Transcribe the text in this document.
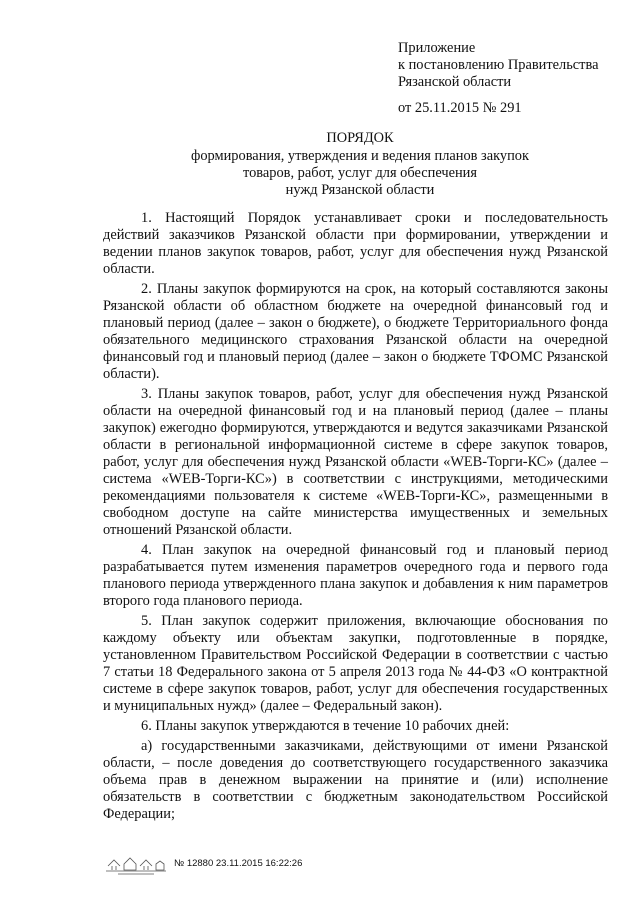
Приложение
к постановлению Правительства
Рязанской области
от 25.11.2015 № 291
ПОРЯДОК
формирования, утверждения и ведения планов закупок
товаров, работ, услуг для обеспечения
нужд Рязанской области

1. Настоящий Порядок устанавливает сроки и последовательность действий заказчиков Рязанской области при формировании, утверждении и ведении планов закупок товаров, работ, услуг для обеспечения нужд Рязанской области.

2. Планы закупок формируются на срок, на который составляются законы Рязанской области об областном бюджете на очередной финансовый год и плановый период (далее – закон о бюджете), о бюджете Территориального фонда обязательного медицинского страхования Рязанской области на очередной финансовый год и плановый период (далее – закон о бюджете ТФОМС Рязанской области).

3. Планы закупок товаров, работ, услуг для обеспечения нужд Рязанской области на очередной финансовый год и на плановый период (далее – планы закупок) ежегодно формируются, утверждаются и ведутся заказчиками Рязанской области в региональной информационной системе в сфере закупок товаров, работ, услуг для обеспечения нужд Рязанской области «WEB-Торги-КС» (далее – система «WEB-Торги-КС») в соответствии с инструкциями, методическими рекомендациями пользователя к системе «WEB-Торги-КС», размещенными в свободном доступе на сайте министерства имущественных и земельных отношений Рязанской области.

4. План закупок на очередной финансовый год и плановый период разрабатывается путем изменения параметров очередного года и первого года планового периода утвержденного плана закупок и добавления к ним параметров второго года планового периода.

5. План закупок содержит приложения, включающие обоснования по каждому объекту или объектам закупки, подготовленные в порядке, установленном Правительством Российской Федерации в соответствии с частью 7 статьи 18 Федерального закона от 5 апреля 2013 года № 44-ФЗ «О контрактной системе в сфере закупок товаров, работ, услуг для обеспечения государственных и муниципальных нужд» (далее – Федеральный закон).

6. Планы закупок утверждаются в течение 10 рабочих дней:

а) государственными заказчиками, действующими от имени Рязанской области, – после доведения до соответствующего государственного заказчика объема прав в денежном выражении на принятие и (или) исполнение обязательств в соответствии с бюджетным законодательством Российской Федерации;

№ 12880 23.11.2015 16:22:26
